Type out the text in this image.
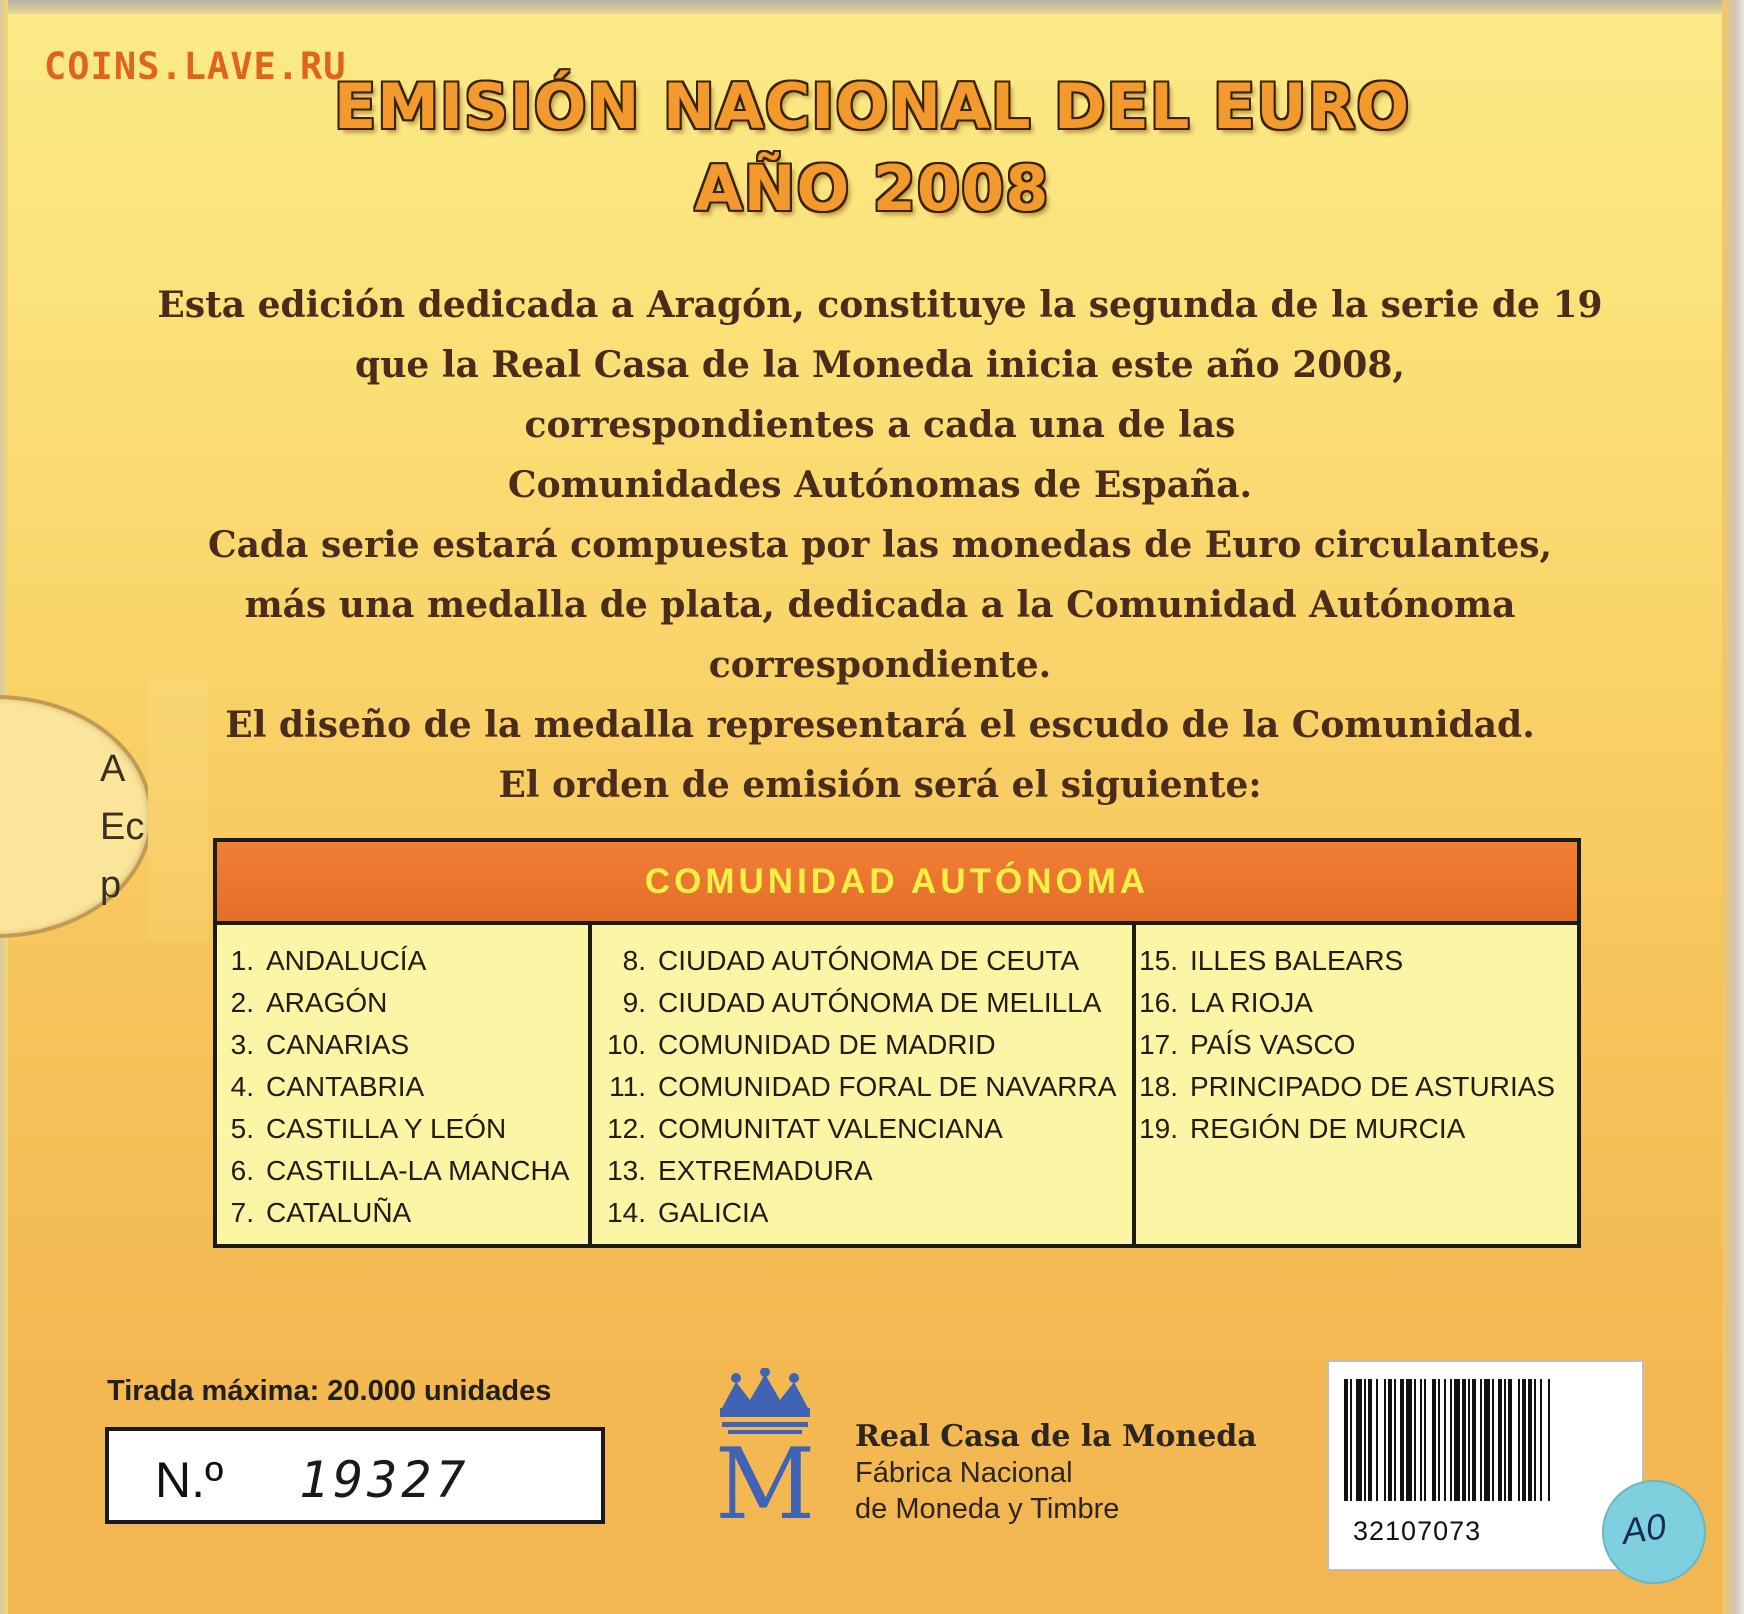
COINS.LAVE.RU
EMISIÓN NACIONAL DEL EURO
AÑO 2008

Esta edición dedicada a Aragón, constituye la segunda de la serie de 19

que la Real Casa de la Moneda inicia este año 2008,

correspondientes a cada una de las

Comunidades Autónomas de España.

Cada serie estará compuesta por las monedas de Euro circulantes,

más una medalla de plata, dedicada a la Comunidad Autónoma

correspondiente.

El diseño de la medalla representará el escudo de la Comunidad.

El orden de emisión será el siguiente:

A
Ec
p	COMUNIDAD AUTÓNOMA
1. ANDALUCÍA
2. ARAGÓN
3. CANARIAS
4. CANTABRIA
5. CASTILLA Y LEÓN
6. CASTILLA-LA MANCHA
7. CATALUÑA
8. CIUDAD AUTÓNOMA DE CEUTA
9. CIUDAD AUTÓNOMA DE MELILLA
10. COMUNIDAD DE MADRID
11. COMUNIDAD FORAL DE NAVARRA
12. COMUNITAT VALENCIANA
13. EXTREMADURA
14. GALICIA
15. ILLES BALEARS
16. LA RIOJA
17. PAÍS VASCO
18. PRINCIPADO DE ASTURIAS
19. REGIÓN DE MURCIA
Tirada máxima: 20.000 unidades
N.º 19327	M Real Casa de la Moneda
Fábrica Nacional
de Moneda y Timbre
32107073	A0
